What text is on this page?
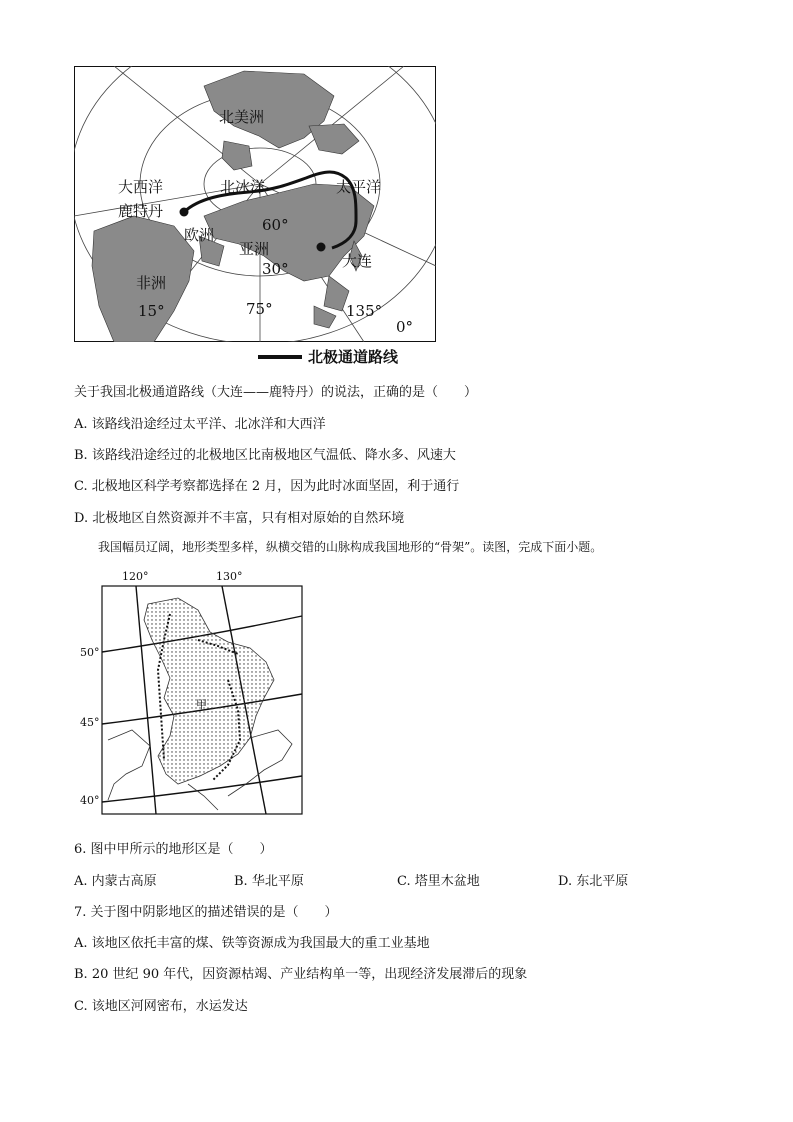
北美洲
大西洋	北冰洋	太平洋
鹿特丹
欧洲
60°
亚洲
30°	大连
非洲
15°	75°	135°
0°
北极通道路线
关于我国北极通道路线（大连——鹿特丹）的说法，正确的是（　　）
A. 该路线沿途经过太平洋、北冰洋和大西洋
B. 该路线沿途经过的北极地区比南极地区气温低、降水多、风速大
C. 北极地区科学考察都选择在 2 月，因为此时冰面坚固，利于通行
D. 北极地区自然资源并不丰富，只有相对原始的自然环境
我国幅员辽阔，地形类型多样，纵横交错的山脉构成我国地形的“骨架”。读图，完成下面小题。
120°	130°
50°
45°
40°
甲
6. 图中甲所示的地形区是（　　）
A. 内蒙古高原	B. 华北平原	C. 塔里木盆地	D. 东北平原
7. 关于图中阴影地区的描述错误的是（　　）
A. 该地区依托丰富的煤、铁等资源成为我国最大的重工业基地
B. 20 世纪 90 年代，因资源枯竭、产业结构单一等，出现经济发展滞后的现象
C. 该地区河网密布，水运发达
